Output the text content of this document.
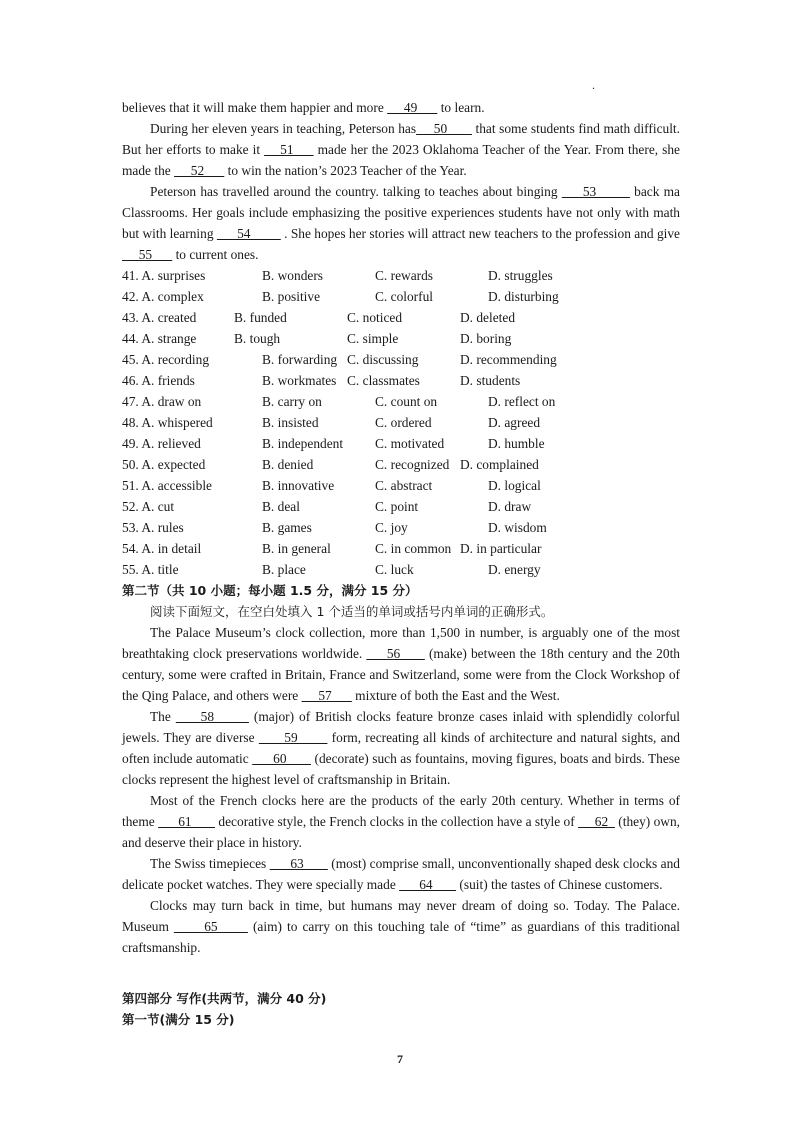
.

believes that it will make them happier and more      49       to learn.

During her eleven years in teaching, Peterson has     50        that some students find math difficult. But her efforts to make it     51      made her the 2023 Oklahoma Teacher of the Year. From there, she made the      52       to win the nation’s 2023 Teacher of the Year.

Peterson has travelled around the country. talking to teaches about binging      53         back ma Classrooms. Her goals include emphasizing the positive experiences students have not only with math but with learning       54          . She hopes her stories will attract new teachers to the profession and give      55       to current ones.

41. A. surprises	B. wonders	C. rewards	D. struggles
42. A. complex	B. positive	C. colorful	D. disturbing
43. A. created	B. funded	C. noticed	D. deleted
44. A. strange	B. tough	C. simple	D. boring
45. A. recording	B. forwarding C. discussing	D. recommending
46. A. friends	B. workmates C. classmates	D. students
47. A. draw on	B. carry on	C. count on	D. reflect on
48. A. whispered	B. insisted	C. ordered	D. agreed
49. A. relieved	B. independent C. motivated	D. humble
50. A. expected	B. denied	C. recognized D. complained
51. A. accessible	B. innovative	C. abstract	D. logical
52. A. cut	B. deal	C. point	D. draw
53. A. rules	B. games	C. joy	D. wisdom
54. A. in detail	B. in general	C. in common D. in particular
55. A. title	B. place	C. luck	D. energy

第二节（共 10 小题；每小题 1.5 分，满分 15 分）

阅读下面短文，在空白处填入 1 个适当的单词或括号内单词的正确形式。

The Palace Museum’s clock collection, more than 1,500 in number, is arguably one of the most breathtaking clock preservations worldwide.      56       (make) between the 18th century and the 20th century, some were crafted in Britain, France and Switzerland, some were from the Clock Workshop of the Qing Palace, and others were      57       mixture of both the East and the West.

The      58        (major) of British clocks feature bronze cases inlaid with splendidly colorful jewels. They are diverse       59        form, recreating all kinds of architecture and natural sights, and often include automatic       60        (decorate) such as fountains, moving figures, boats and birds. These clocks represent the highest level of craftsmanship in Britain.

Most of the French clocks here are the products of the early 20th century. Whether in terms of theme       61        decorative style, the French clocks in the collection have a style of      62   (they) own, and deserve their place in history.

The Swiss timepieces       63        (most) comprise small, unconventionally shaped desk clocks and delicate pocket watches. They were specially made       64        (suit) the tastes of Chinese customers.

Clocks may turn back in time, but humans may never dream of doing so. Today. The Palace. Museum       65       (aim) to carry on this touching tale of “time” as guardians of this traditional craftsmanship.

第四部分 写作(共两节，满分 40 分)

第一节(满分 15 分)

7
